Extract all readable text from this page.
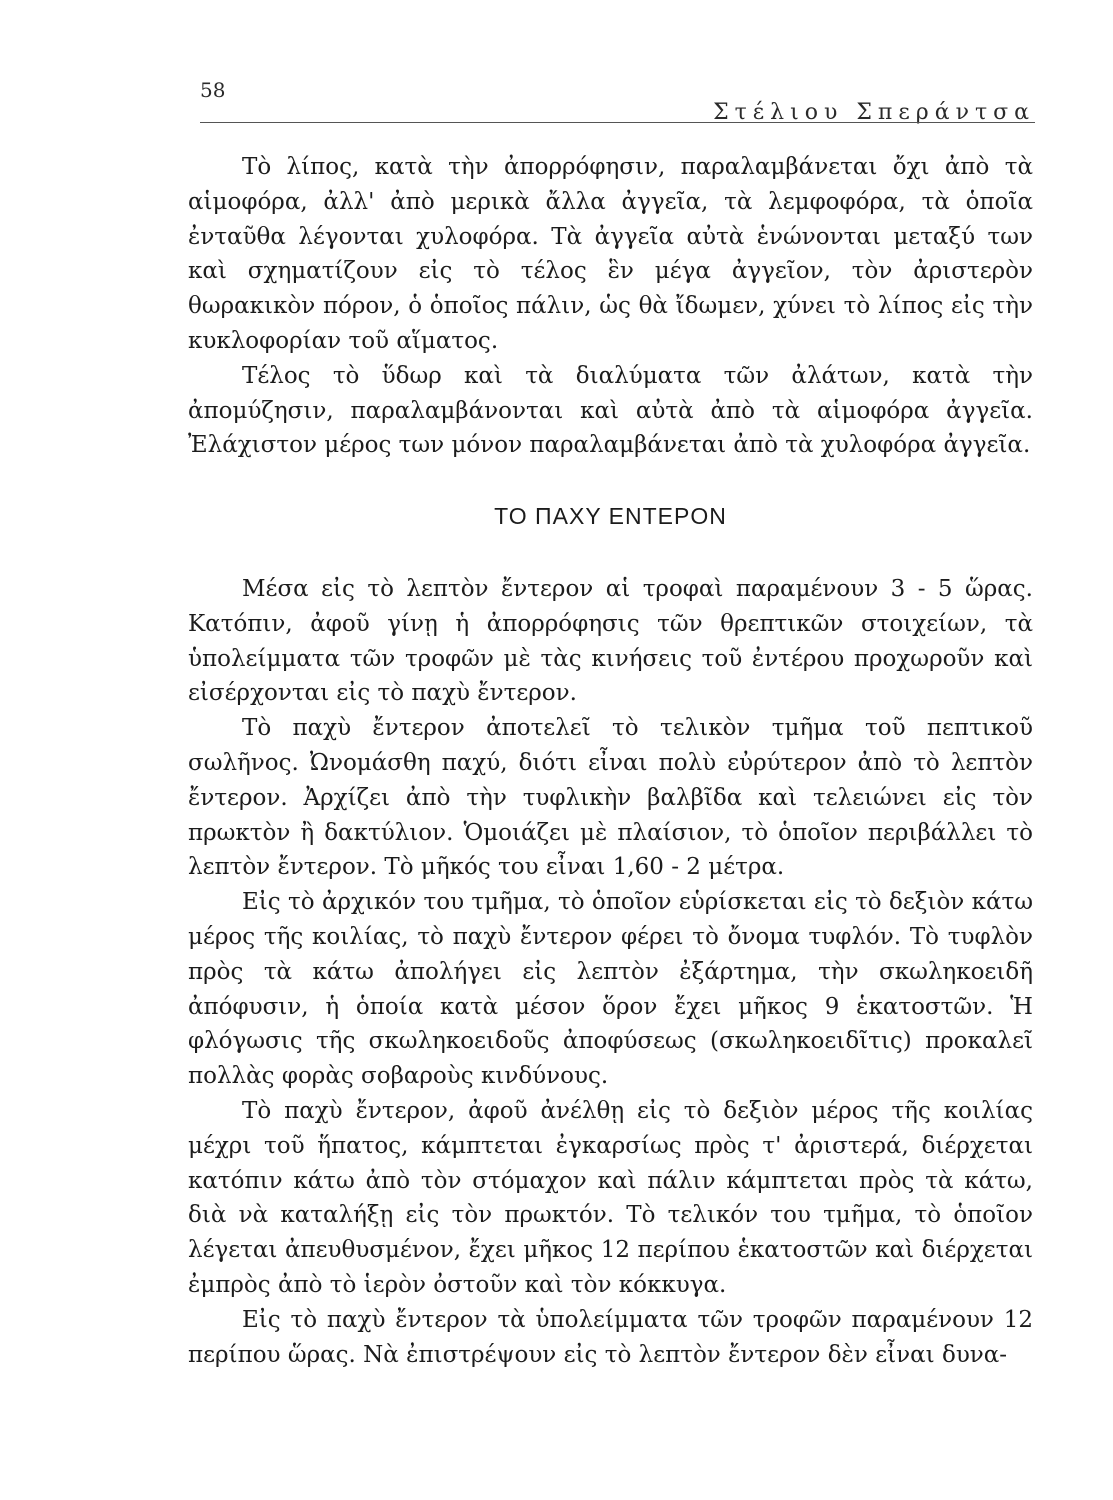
58
Στέλιου Σπεράντσα

Τὸ λίπος, κατὰ τὴν ἀπορρόφησιν, παραλαμβάνεται ὄχι ἀπὸ τὰ αἱμοφόρα, ἀλλ' ἀπὸ μερικὰ ἄλλα ἀγγεῖα, τὰ λεμφοφόρα, τὰ ὁποῖα ἐνταῦθα λέγονται χυλοφόρα. Τὰ ἀγγεῖα αὐτὰ ἑνώνονται μεταξύ των καὶ σχηματίζουν εἰς τὸ τέλος ἓν μέγα ἀγγεῖον, τὸν ἀριστερὸν θωρακικὸν πόρον, ὁ ὁποῖος πάλιν, ὡς θὰ ἴδωμεν, χύνει τὸ λίπος εἰς τὴν κυκλοφορίαν τοῦ αἵματος.

Τέλος τὸ ὕδωρ καὶ τὰ διαλύματα τῶν ἀλάτων, κατὰ τὴν ἀπομύζησιν, παραλαμβάνονται καὶ αὐτὰ ἀπὸ τὰ αἱμοφόρα ἀγγεῖα. Ἐλάχιστον μέρος των μόνον παραλαμβάνεται ἀπὸ τὰ χυλοφόρα ἀγγεῖα.

ΤΟ ΠΑΧΥ ΕΝΤΕΡΟΝ

Μέσα εἰς τὸ λεπτὸν ἔντερον αἱ τροφαὶ παραμένουν 3 - 5 ὥρας. Κατόπιν, ἀφοῦ γίνῃ ἡ ἀπορρόφησις τῶν θρεπτικῶν στοιχείων, τὰ ὑπολείμματα τῶν τροφῶν μὲ τὰς κινήσεις τοῦ ἐντέρου προχωροῦν καὶ εἰσέρχονται εἰς τὸ παχὺ ἔντερον.

Τὸ παχὺ ἔντερον ἀποτελεῖ τὸ τελικὸν τμῆμα τοῦ πεπτικοῦ σωλῆνος. Ὠνομάσθη παχύ, διότι εἶναι πολὺ εὐρύτερον ἀπὸ τὸ λεπτὸν ἔντερον. Ἀρχίζει ἀπὸ τὴν τυφλικὴν βαλβῖδα καὶ τελειώνει εἰς τὸν πρωκτὸν ἢ δακτύλιον. Ὁμοιάζει μὲ πλαίσιον, τὸ ὁποῖον περιβάλλει τὸ λεπτὸν ἔντερον. Τὸ μῆκός του εἶναι 1,60 - 2 μέτρα.

Εἰς τὸ ἀρχικόν του τμῆμα, τὸ ὁποῖον εὑρίσκεται εἰς τὸ δεξιὸν κάτω μέρος τῆς κοιλίας, τὸ παχὺ ἔντερον φέρει τὸ ὄνομα τυφλόν. Τὸ τυφλὸν πρὸς τὰ κάτω ἀπολήγει εἰς λεπτὸν ἐξάρτημα, τὴν σκωληκοειδῆ ἀπόφυσιν, ἡ ὁποία κατὰ μέσον ὅρον ἔχει μῆκος 9 ἑκατοστῶν. Ἡ φλόγωσις τῆς σκωληκοειδοῦς ἀποφύσεως (σκωληκοειδῖτις) προκαλεῖ πολλὰς φορὰς σοβαροὺς κινδύνους.

Τὸ παχὺ ἔντερον, ἀφοῦ ἀνέλθῃ εἰς τὸ δεξιὸν μέρος τῆς κοιλίας μέχρι τοῦ ἥπατος, κάμπτεται ἐγκαρσίως πρὸς τ' ἀριστερά, διέρχεται κατόπιν κάτω ἀπὸ τὸν στόμαχον καὶ πάλιν κάμπτεται πρὸς τὰ κάτω, διὰ νὰ καταλήξῃ εἰς τὸν πρωκτόν. Τὸ τελικόν του τμῆμα, τὸ ὁποῖον λέγεται ἀπευθυσμένον, ἔχει μῆκος 12 περίπου ἑκατοστῶν καὶ διέρχεται ἐμπρὸς ἀπὸ τὸ ἱερὸν ὀστοῦν καὶ τὸν κόκκυγα.

Εἰς τὸ παχὺ ἔντερον τὰ ὑπολείμματα τῶν τροφῶν παραμένουν 12 περίπου ὥρας. Νὰ ἐπιστρέψουν εἰς τὸ λεπτὸν ἔντερον δὲν εἶναι δυνα-
